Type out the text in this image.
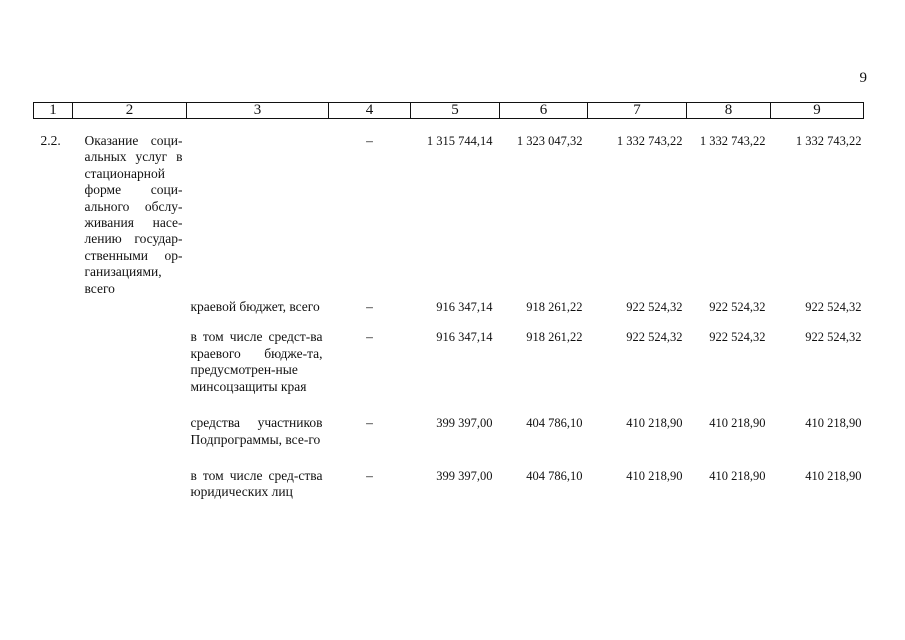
9
1	2	3	4	5	6	7	8	9

2.2.	Оказание соци-альных услуг в стационарной форме соци-ального обслу-живания насе-лению государ-ственными ор-ганизациями, всего		–	1 315 744,14	1 323 047,32	1 332 743,22	1 332 743,22	1 332 743,22
		краевой бюджет, всего	–	916 347,14	918 261,22	922 524,32	922 524,32	922 524,32
		в том числе средст-ва краевого бюдже-та, предусмотрен-ные минсоцзащиты края	–	916 347,14	918 261,22	922 524,32	922 524,32	922 524,32
		средства участников Подпрограммы, все-го	–	399 397,00	404 786,10	410 218,90	410 218,90	410 218,90
		в том числе сред-ства юридических лиц	–	399 397,00	404 786,10	410 218,90	410 218,90	410 218,90
